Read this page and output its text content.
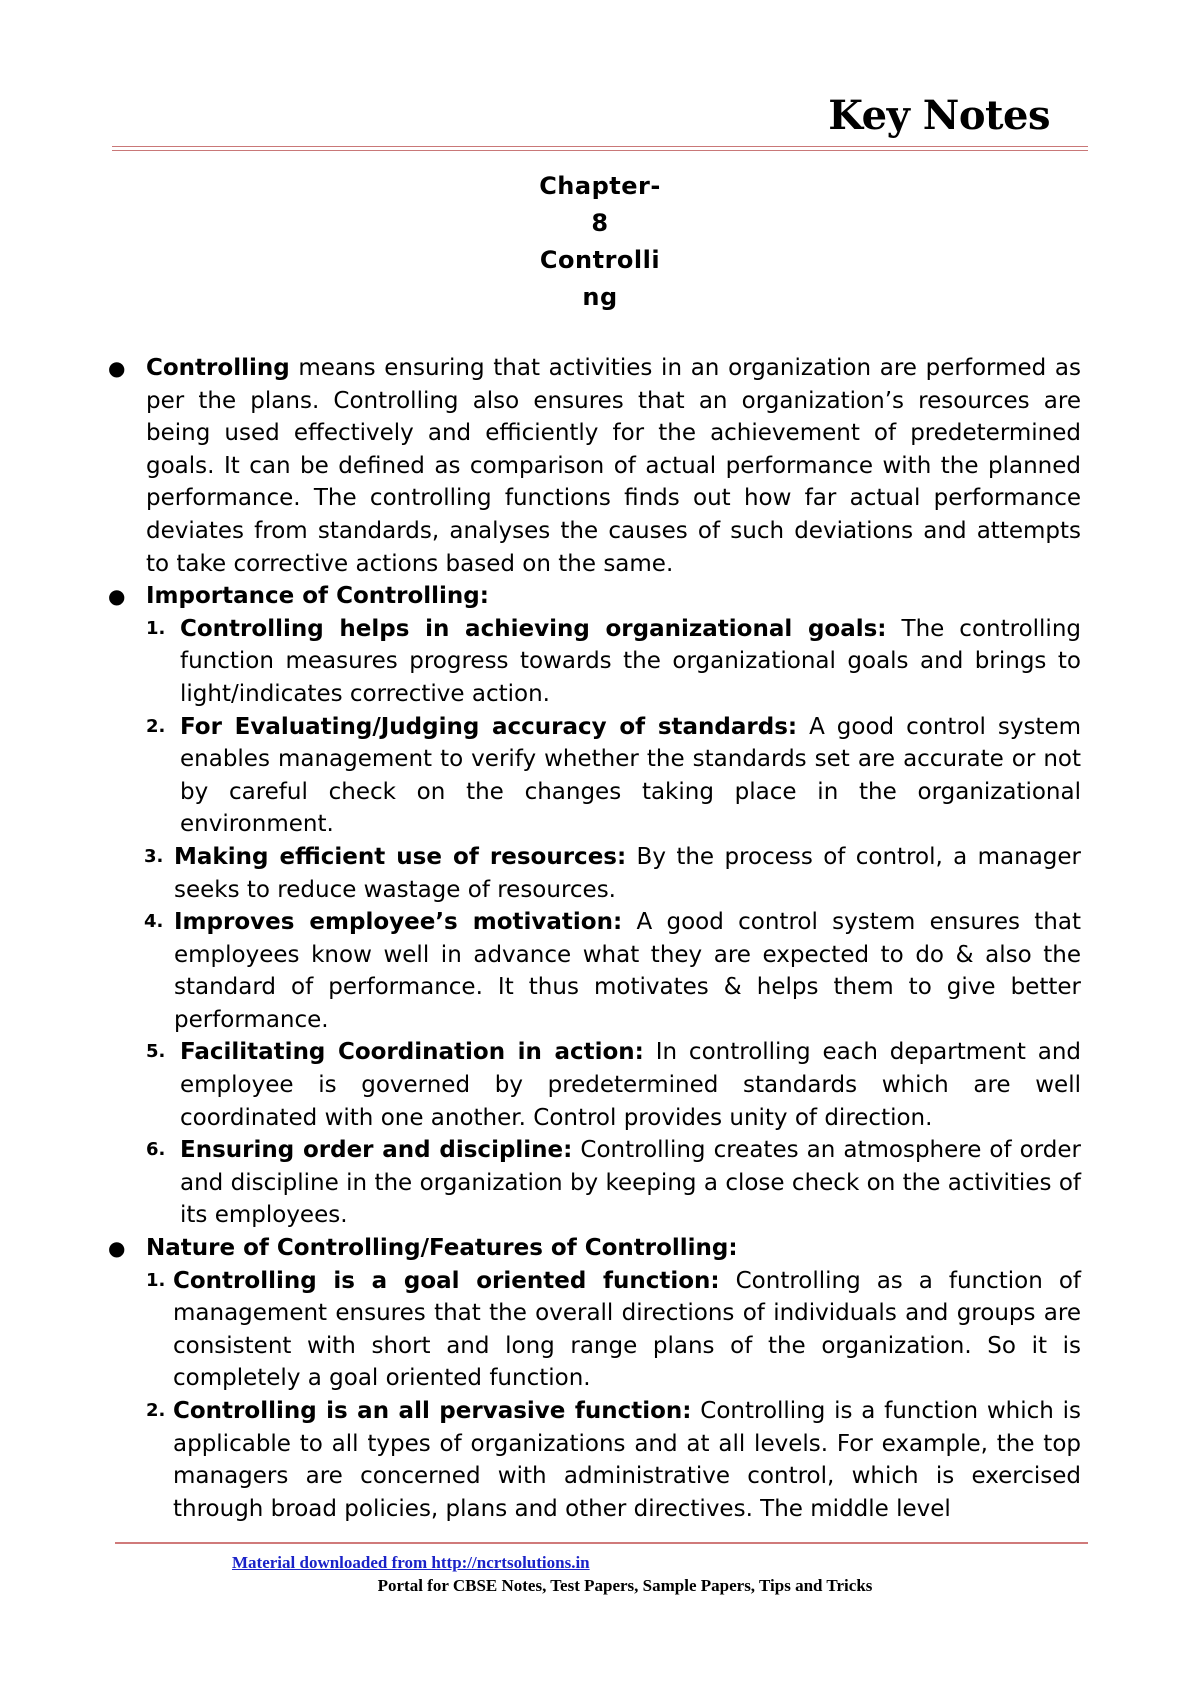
Key Notes
Chapter-
8
Controlli
ng
● Controlling means ensuring that activities in an organization are performed as per the plans. Controlling also ensures that an organization’s resources are being used effectively and efficiently for the achievement of predetermined goals. It can be defined as comparison of actual performance with the planned performance. The controlling functions finds out how far actual performance deviates from standards, analyses the causes of such deviations and attempts to take corrective actions based on the same.
● Importance of Controlling:
1. Controlling helps in achieving organizational goals: The controlling function measures progress towards the organizational goals and brings to light/indicates corrective action.
2. For Evaluating/Judging accuracy of standards: A good control system enables management to verify whether the standards set are accurate or not by careful check on the changes taking place in the organizational environment.
3. Making efficient use of resources: By the process of control, a manager seeks to reduce wastage of resources.
4. Improves employee’s motivation: A good control system ensures that employees know well in advance what they are expected to do & also the standard of performance. It thus motivates & helps them to give better performance.
5. Facilitating Coordination in action: In controlling each department and employee is governed by predetermined standards which are well coordinated with one another. Control provides unity of direction.
6. Ensuring order and discipline: Controlling creates an atmosphere of order and discipline in the organization by keeping a close check on the activities of its employees.
● Nature of Controlling/Features of Controlling:
1. Controlling is a goal oriented function: Controlling as a function of management ensures that the overall directions of individuals and groups are consistent with short and long range plans of the organization. So it is completely a goal oriented function.
2. Controlling is an all pervasive function: Controlling is a function which is applicable to all types of organizations and at all levels. For example, the top managers are concerned with administrative control, which is exercised through broad policies, plans and other directives. The middle level

Material downloaded from http://ncrtsolutions.in

Portal for CBSE Notes, Test Papers, Sample Papers, Tips and Tricks
